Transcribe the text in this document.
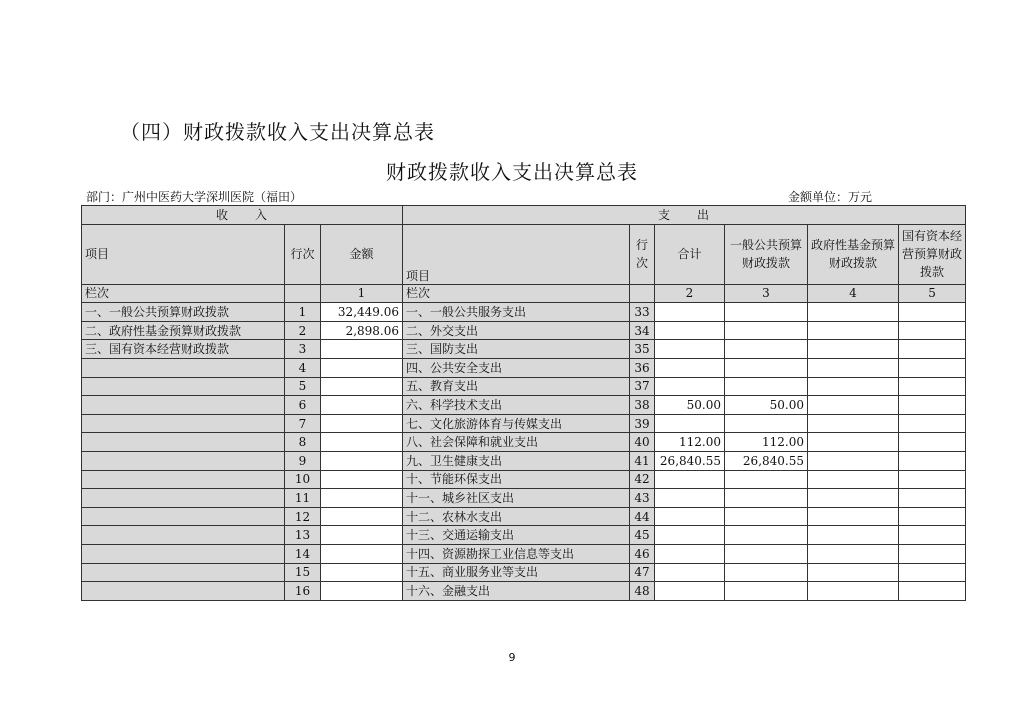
（四）财政拨款收入支出决算总表
财政拨款收入支出决算总表
部门：广州中医药大学深圳医院（福田）	金额单位：万元
收　　入			支　　出					
项目	行次	金额	项目	行次	合计	一般公共预算财政拨款	政府性基金预算财政拨款	国有资本经营预算财政拨款
栏次		1	栏次		2	3	4	5
一、一般公共预算财政拨款	1	32,449.06	一、一般公共服务支出	33				
二、政府性基金预算财政拨款	2	2,898.06	二、外交支出	34				
三、国有资本经营财政拨款	3		三、国防支出	35				
	4		四、公共安全支出	36				
	5		五、教育支出	37				
	6		六、科学技术支出	38	50.00	50.00		
	7		七、文化旅游体育与传媒支出	39				
	8		八、社会保障和就业支出	40	112.00	112.00		
	9		九、卫生健康支出	41	26,840.55	26,840.55		
	10		十、节能环保支出	42				
	11		十一、城乡社区支出	43				
	12		十二、农林水支出	44				
	13		十三、交通运输支出	45				
	14		十四、资源勘探工业信息等支出	46				
	15		十五、商业服务业等支出	47				
	16		十六、金融支出	48				
9
